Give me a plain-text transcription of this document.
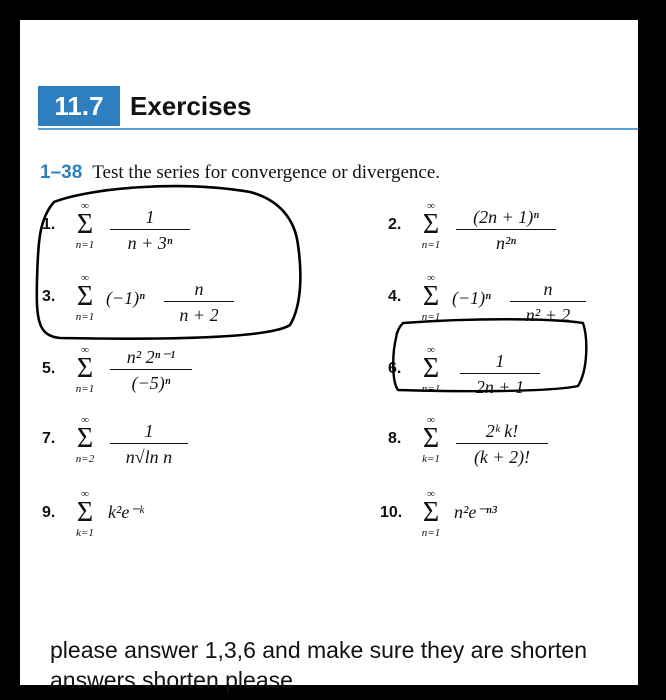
11.7	Exercises
1–38 Test the series for convergence or divergence.
1.
∞
Σ
n=1
1
n + 3ⁿ
2.
∞
Σ
n=1
(2n + 1)ⁿ
n²ⁿ
3.
∞
Σ
n=1
(−1)ⁿ	n
n + 2
4.
∞
Σ
n=1
(−1)ⁿ	n
n² + 2
5.
∞
Σ
n=1
n² 2ⁿ⁻¹
(−5)ⁿ
6.
∞
Σ
n=1
1
2n + 1
7.
∞
Σ
n=2
1
n√ln n
8.
∞
Σ
k=1
2ᵏ k!
(k + 2)!
9.
∞
Σ
k=1
k²e⁻ᵏ	10.
∞
Σ
n=1
n²e⁻ⁿ³
please answer 1,3,6 and make sure they are shorten answers shorten please
